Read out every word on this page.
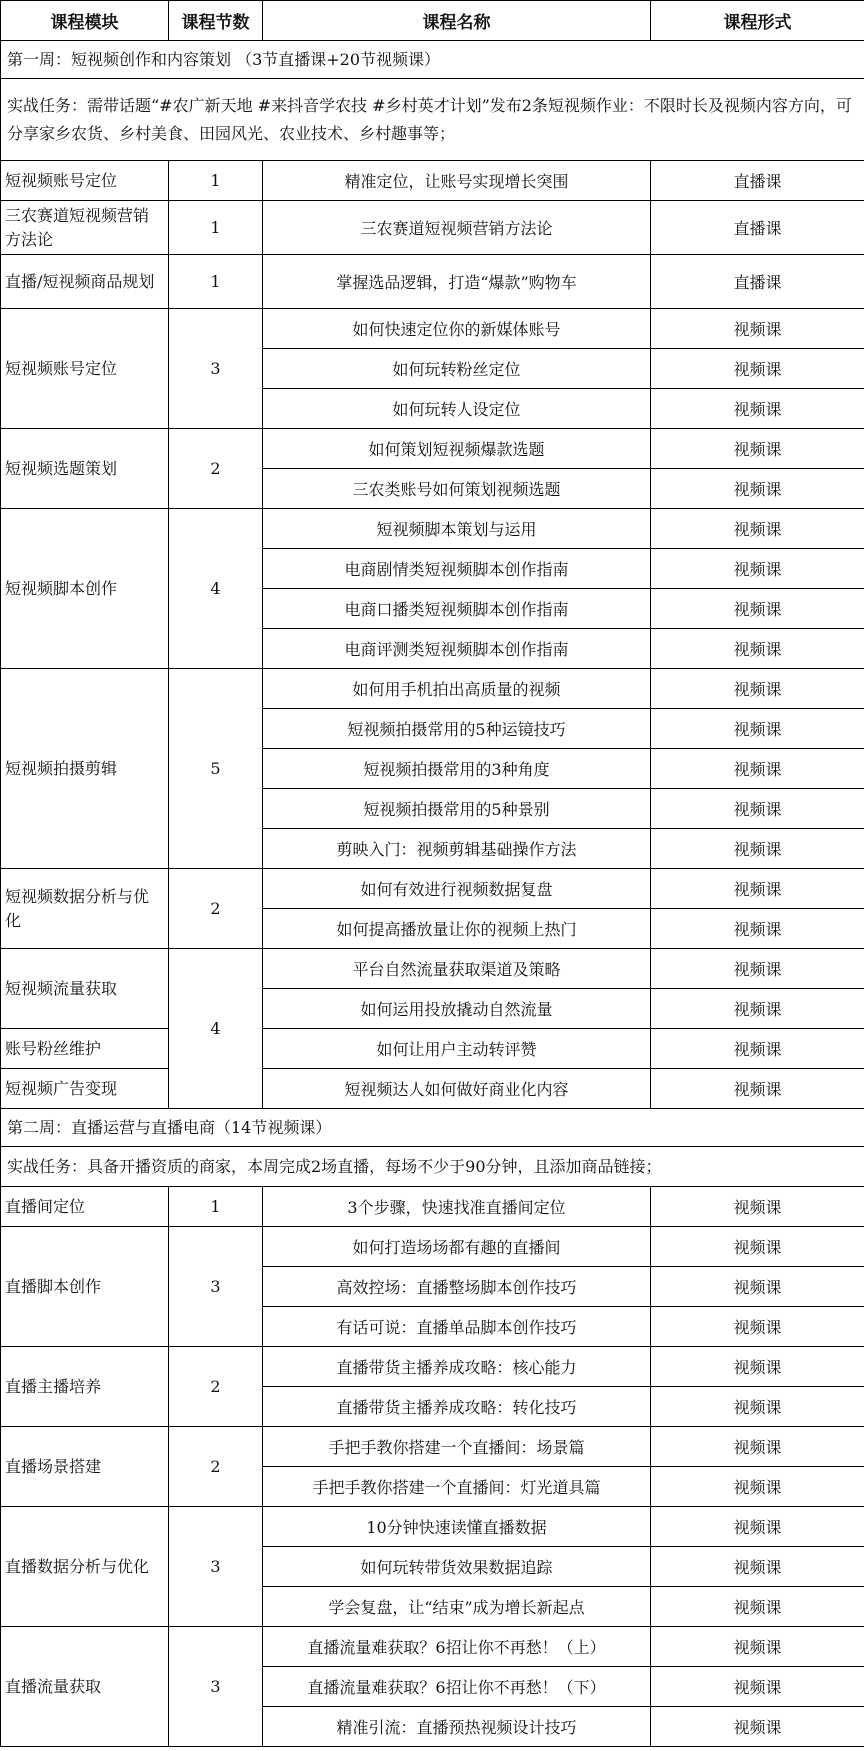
课程模块	课程节数	课程名称	课程形式
第一周：短视频创作和内容策划 （3节直播课+20节视频课）			
实战任务：需带话题“#农广新天地 #来抖音学农技 #乡村英才计划”发布2条短视频作业：不限时长及视频内容方向，可分享家乡农货、乡村美食、田园风光、农业技术、乡村趣事等；			
短视频账号定位	1	精准定位，让账号实现增长突围	直播课
三农赛道短视频营销方法论	1	三农赛道短视频营销方法论	直播课
直播/短视频商品规划	1	掌握选品逻辑，打造“爆款”购物车	直播课
短视频账号定位	3	如何快速定位你的新媒体账号	视频课
		如何玩转粉丝定位	视频课
		如何玩转人设定位	视频课
短视频选题策划	2	如何策划短视频爆款选题	视频课
		三农类账号如何策划视频选题	视频课
短视频脚本创作	4	短视频脚本策划与运用	视频课
		电商剧情类短视频脚本创作指南	视频课
		电商口播类短视频脚本创作指南	视频课
		电商评测类短视频脚本创作指南	视频课
短视频拍摄剪辑	5	如何用手机拍出高质量的视频	视频课
		短视频拍摄常用的5种运镜技巧	视频课
		短视频拍摄常用的3种角度	视频课
		短视频拍摄常用的5种景别	视频课
		剪映入门：视频剪辑基础操作方法	视频课
短视频数据分析与优化	2	如何有效进行视频数据复盘	视频课
		如何提高播放量让你的视频上热门	视频课
短视频流量获取	4	平台自然流量获取渠道及策略	视频课
		如何运用投放撬动自然流量	视频课
账号粉丝维护		如何让用户主动转评赞	视频课
短视频广告变现		短视频达人如何做好商业化内容	视频课
第二周：直播运营与直播电商（14节视频课）			
实战任务：具备开播资质的商家，本周完成2场直播，每场不少于90分钟，且添加商品链接；			
直播间定位	1	3个步骤，快速找准直播间定位	视频课
直播脚本创作	3	如何打造场场都有趣的直播间	视频课
		高效控场：直播整场脚本创作技巧	视频课
		有话可说：直播单品脚本创作技巧	视频课
直播主播培养	2	直播带货主播养成攻略：核心能力	视频课
		直播带货主播养成攻略：转化技巧	视频课
直播场景搭建	2	手把手教你搭建一个直播间：场景篇	视频课
		手把手教你搭建一个直播间：灯光道具篇	视频课
直播数据分析与优化	3	10分钟快速读懂直播数据	视频课
		如何玩转带货效果数据追踪	视频课
		学会复盘，让“结束”成为增长新起点	视频课
直播流量获取	3	直播流量难获取？6招让你不再愁！（上）	视频课
		直播流量难获取？6招让你不再愁！（下）	视频课
		精准引流：直播预热视频设计技巧	视频课
